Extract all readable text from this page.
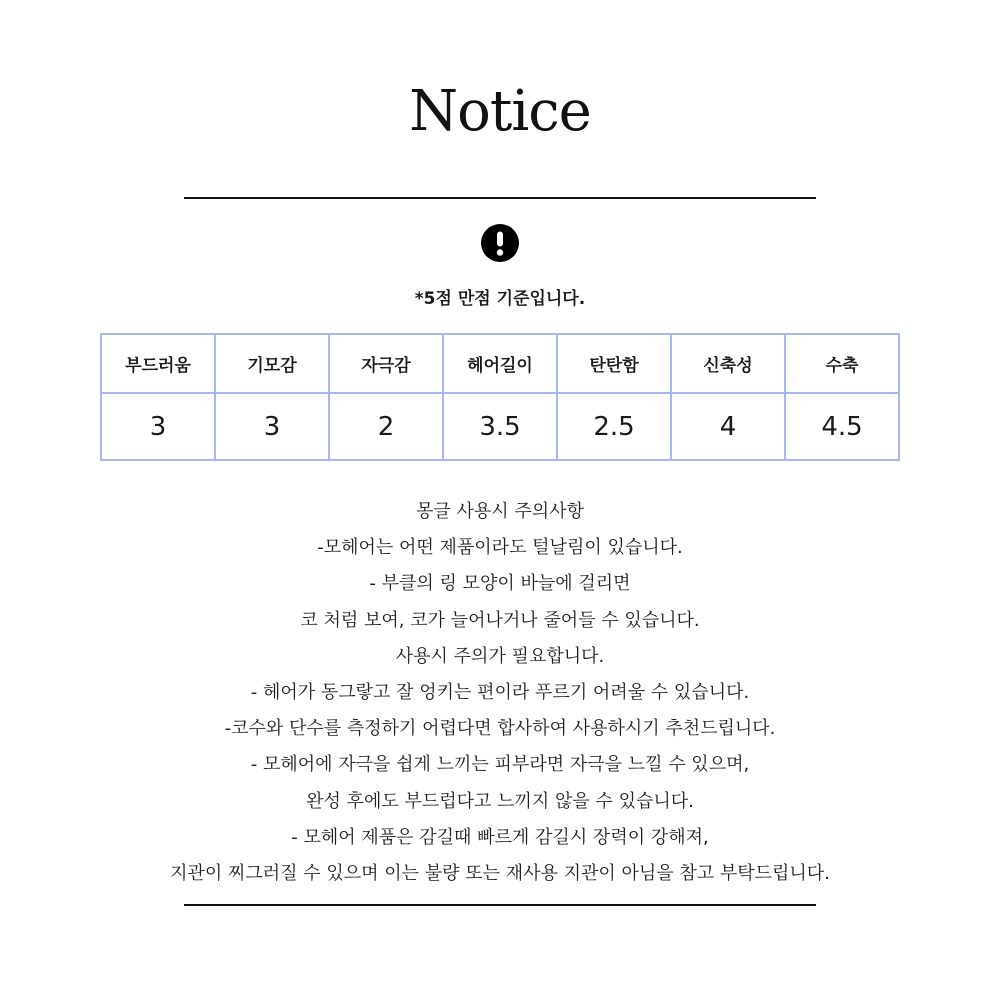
Notice
*5점 만점 기준입니다.
부드러움	기모감	자극감	헤어길이	탄탄함	신축성	수축
3	3	2	3.5	2.5	4	4.5
몽글 사용시 주의사항
-모헤어는 어떤 제품이라도 털날림이 있습니다.
- 부클의 링 모양이 바늘에 걸리면
코 처럼 보여, 코가 늘어나거나 줄어들 수 있습니다.
사용시 주의가 필요합니다.
- 헤어가 동그랗고 잘 엉키는 편이라 푸르기 어려울 수 있습니다.
-코수와 단수를 측정하기 어렵다면 합사하여 사용하시기 추천드립니다.
- 모헤어에 자극을 쉽게 느끼는 피부라면 자극을 느낄 수 있으며,
완성 후에도 부드럽다고 느끼지 않을 수 있습니다.
- 모헤어 제품은 감길때 빠르게 감길시 장력이 강해져,
지관이 찌그러질 수 있으며 이는 불량 또는 재사용 지관이 아님을 참고 부탁드립니다.
